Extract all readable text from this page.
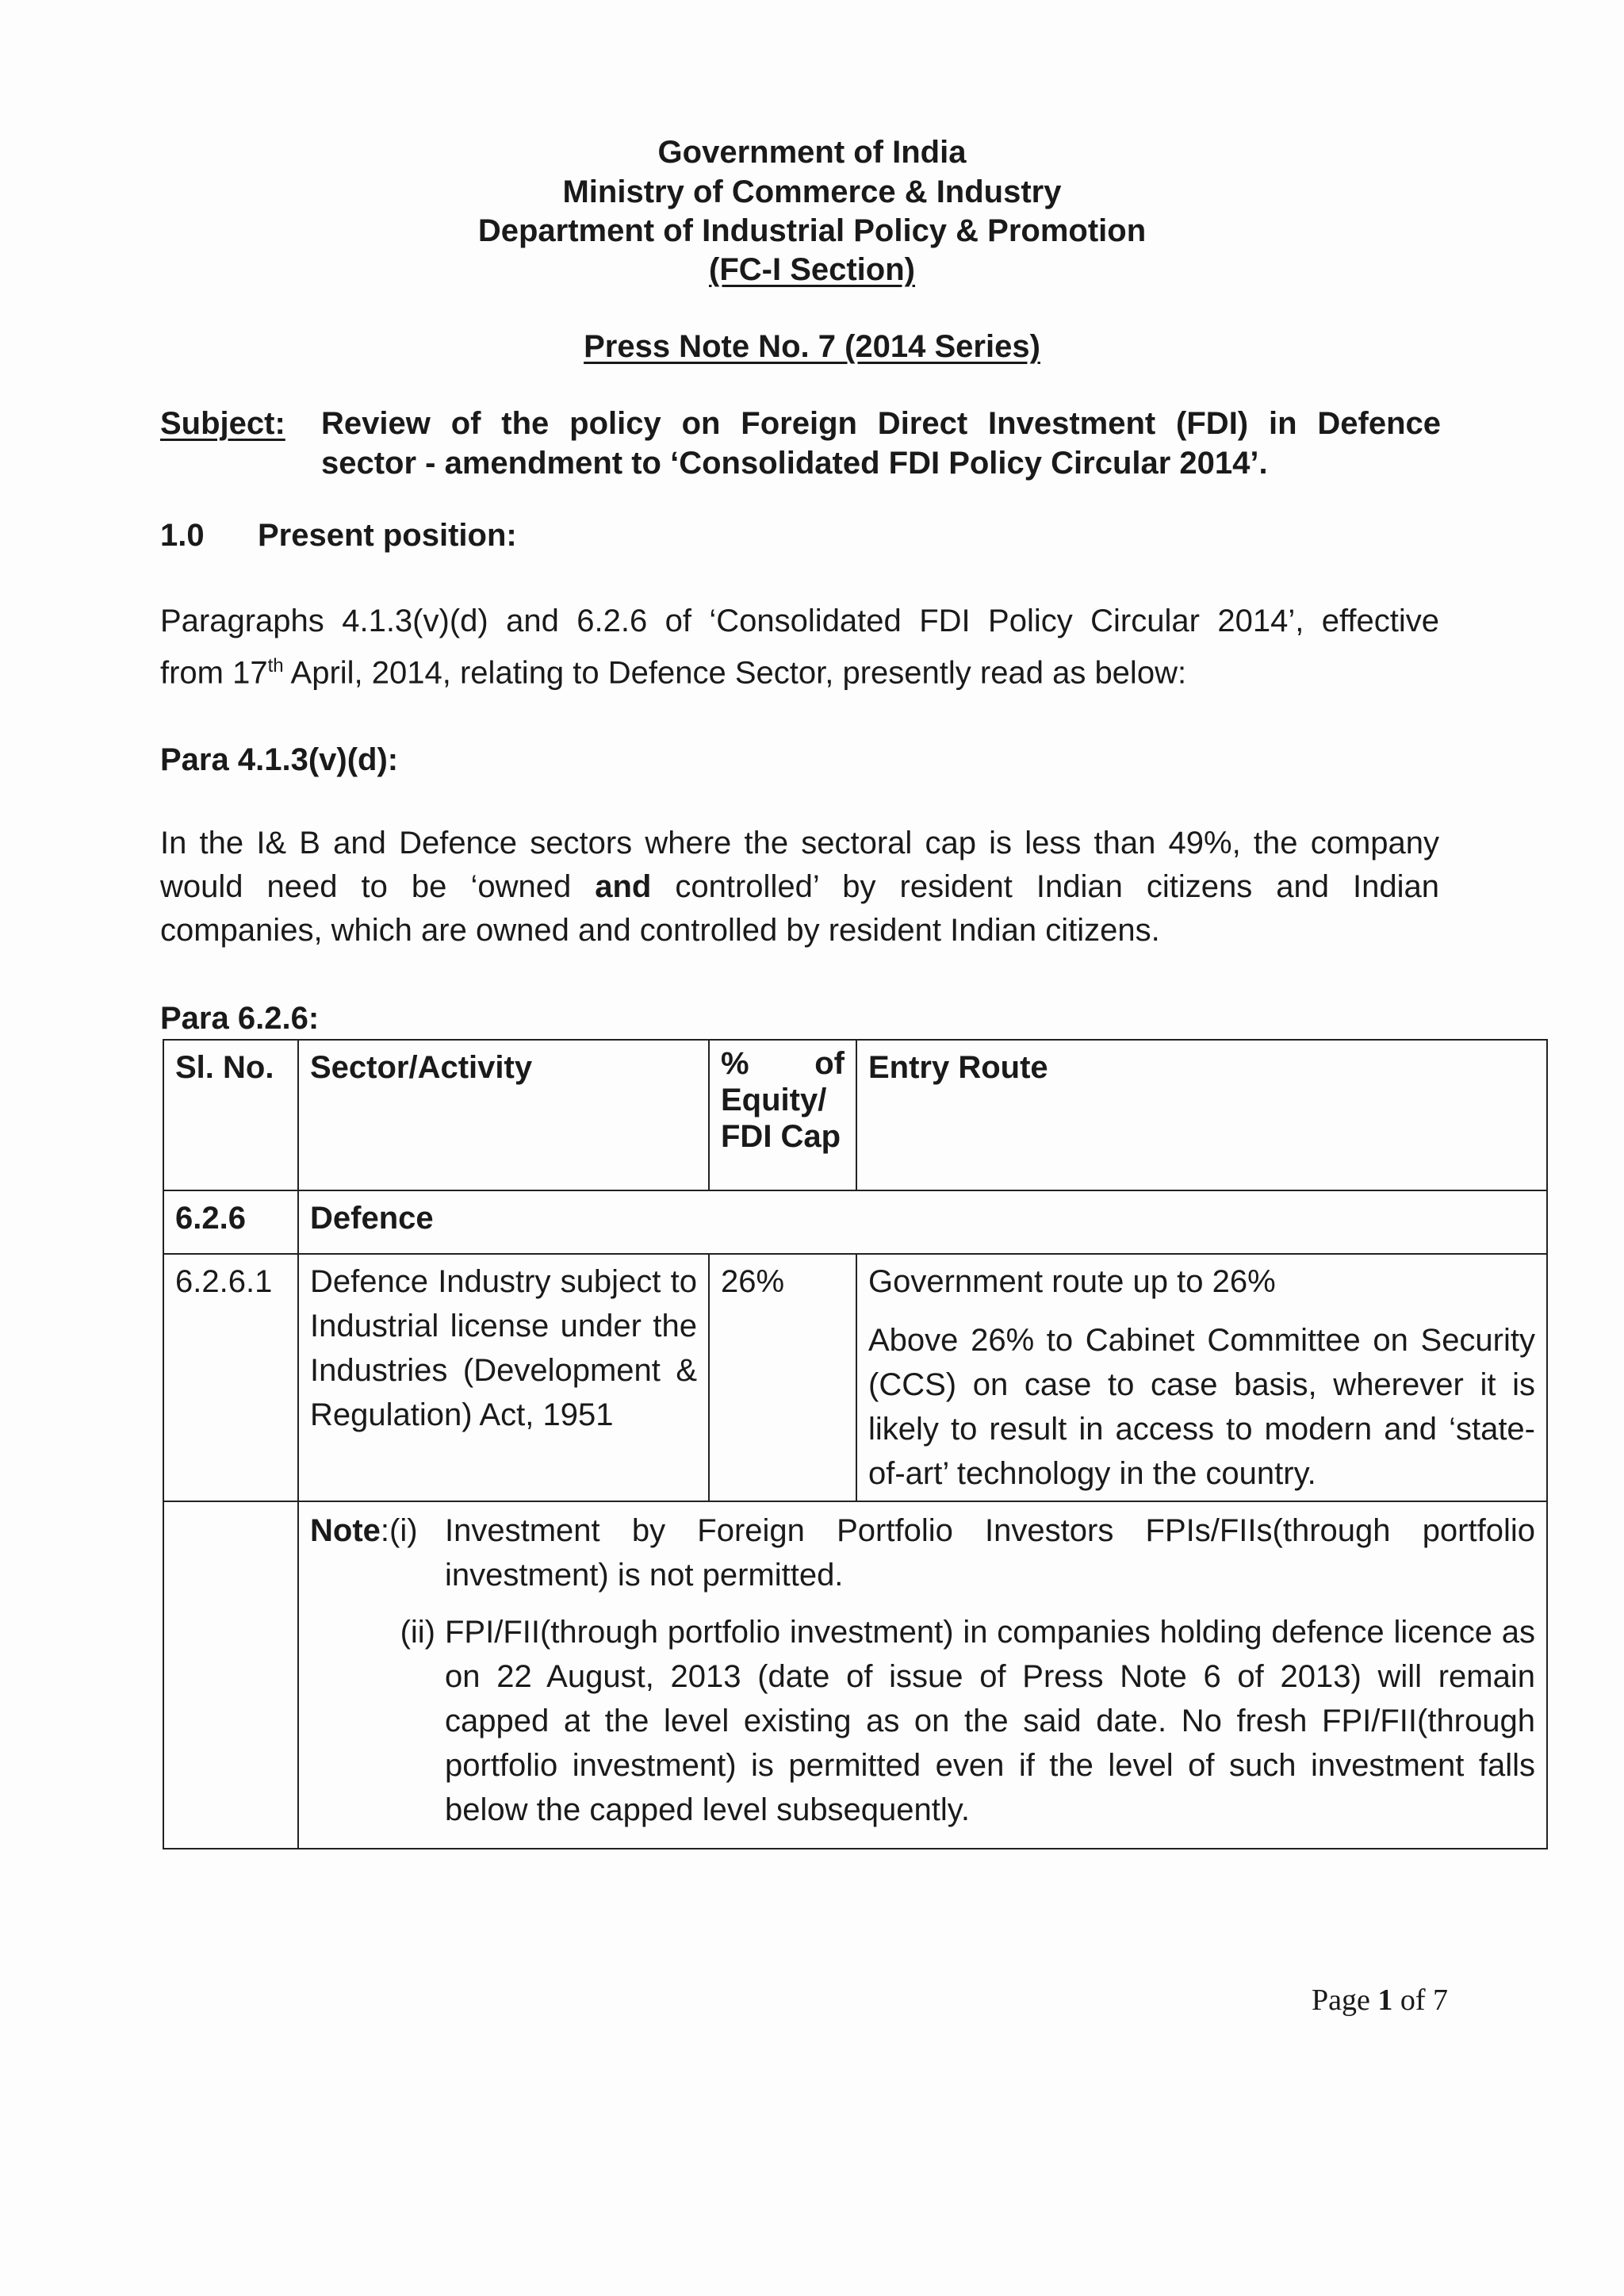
Government of India
Ministry of Commerce & Industry
Department of Industrial Policy & Promotion
(FC-I Section)
Press Note No. 7 (2014 Series)
Subject: Review of the policy on Foreign Direct Investment (FDI) in Defence
sector - amendment to ‘Consolidated FDI Policy Circular 2014’.
1.0 Present position:
Paragraphs 4.1.3(v)(d) and 6.2.6 of ‘Consolidated FDI Policy Circular 2014’, effective
from 17th April, 2014, relating to Defence Sector, presently read as below:
Para 4.1.3(v)(d):
In the I& B and Defence sectors where the sectoral cap is less than 49%, the company
would need to be ‘owned and controlled’ by resident Indian citizens and Indian
companies, which are owned and controlled by resident Indian citizens.
Para 6.2.6:
Sl. No.	Sector/Activity	% of Equity/ FDI Cap	Entry Route
6.2.6	Defence		
6.2.6.1	Defence Industry subject to Industrial license under the Industries (Development & Regulation) Act, 1951	26%	Government route up to 26%
Above 26% to Cabinet Committee on Security (CCS) on case to case basis, wherever it is likely to result in access to modern and ‘state-of-art’ technology in the country.

	Note:(i) Investment by Foreign Portfolio Investors FPIs/FIIs(through portfolio investment) is not permitted.
(ii) FPI/FII(through portfolio investment) in companies holding defence licence as on 22 August, 2013 (date of issue of Press Note 6 of 2013) will remain capped at the level existing as on the said date. No fresh FPI/FII(through portfolio investment) is permitted even if the level of such investment falls below the capped level subsequently.		
Page 1 of 7
